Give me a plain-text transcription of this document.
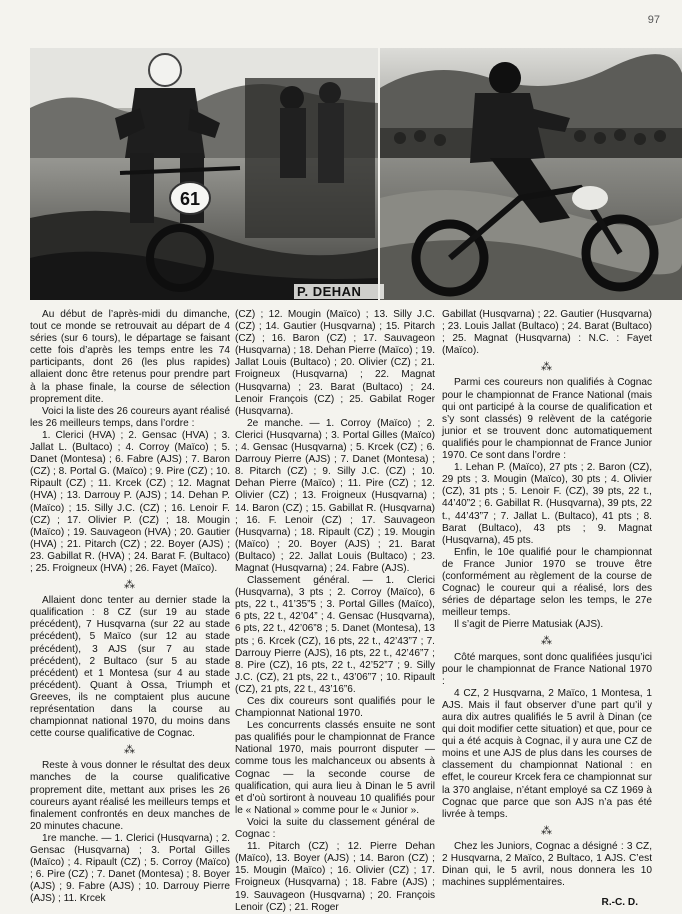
97
61
P. DEHAN

Au début de l’après-midi du dimanche, tout ce monde se retrouvait au départ de 4 séries (sur 6 tours), le départage se faisant cette fois d’après les temps entre les 74 participants, dont 26 (les plus rapides) allaient donc être retenus pour prendre part à la phase finale, la course de sélection proprement dite.

Voici la liste des 26 coureurs ayant réalisé les 26 meilleurs temps, dans l’ordre :

1. Clerici (HVA) ; 2. Gensac (HVA) ; 3. Jallat L. (Bultaco) ; 4. Corroy (Maïco) ; 5. Danet (Montesa) ; 6. Fabre (AJS) ; 7. Baron (CZ) ; 8. Portal G. (Maïco) ; 9. Pire (CZ) ; 10. Ripault (CZ) ; 11. Krcek (CZ) ; 12. Magnat (HVA) ; 13. Darrouy P. (AJS) ; 14. Dehan P. (Maïco) ; 15. Silly J.C. (CZ) ; 16. Lenoir F. (CZ) ; 17. Olivier P. (CZ) ; 18. Mougin (Maïco) ; 19. Sauvageon (HVA) ; 20. Gautier (HVA) ; 21. Pitarch (CZ) ; 22. Boyer (AJS) ; 23. Gabillat R. (HVA) ; 24. Barat F. (Bultaco) ; 25. Froigneux (HVA) ; 26. Fayet (Maïco).

⁂

Allaient donc tenter au dernier stade la qualification : 8 CZ (sur 19 au stade précédent), 7 Husqvarna (sur 22 au stade précédent), 5 Maïco (sur 12 au stade précédent), 3 AJS (sur 7 au stade précédent), 2 Bultaco (sur 5 au stade précédent) et 1 Montesa (sur 4 au stade précédent). Quant à Ossa, Triumph et Greeves, ils ne comptaient plus aucune représentation dans la course au championnat national 1970, du moins dans cette course qualificative de Cognac.

⁂

Reste à vous donner le résultat des deux manches de la course qualificative proprement dite, mettant aux prises les 26 coureurs ayant réalisé les meilleurs temps et finalement confrontés en deux manches de 20 minutes chacune.

1re manche. — 1. Clerici (Husqvarna) ; 2. Gensac (Husqvarna) ; 3. Portal Gilles (Maïco) ; 4. Ripault (CZ) ; 5. Corroy (Maïco) ; 6. Pire (CZ) ; 7. Danet (Montesa) ; 8. Boyer (AJS) ; 9. Fabre (AJS) ; 10. Darrouy Pierre (AJS) ; 11. Krcek

(CZ) ; 12. Mougin (Maïco) ; 13. Silly J.C. (CZ) ; 14. Gautier (Husqvarna) ; 15. Pitarch (CZ) ; 16. Baron (CZ) ; 17. Sauvageon (Husqvarna) ; 18. Dehan Pierre (Maïco) ; 19. Jallat Louis (Bultaco) ; 20. Olivier (CZ) ; 21. Froigneux (Husqvarna) ; 22. Magnat (Husqvarna) ; 23. Barat (Bultaco) ; 24. Lenoir François (CZ) ; 25. Gabilat Roger (Husqvarna).

2e manche. — 1. Corroy (Maïco) ; 2. Clerici (Husqvarna) ; 3. Portal Gilles (Maïco) ; 4. Gensac (Husqvarna) ; 5. Krcek (CZ) ; 6. Darrouy Pierre (AJS) ; 7. Danet (Montesa) ; 8. Pitarch (CZ) ; 9. Silly J.C. (CZ) ; 10. Dehan Pierre (Maïco) ; 11. Pire (CZ) ; 12. Olivier (CZ) ; 13. Froigneux (Husqvarna) ; 14. Baron (CZ) ; 15. Gabillat R. (Husqvarna) ; 16. F. Lenoir (CZ) ; 17. Sauvageon (Husqvarna) ; 18. Ripault (CZ) ; 19. Mougin (Maïco) ; 20. Boyer (AJS) ; 21. Barat (Bultaco) ; 22. Jallat Louis (Bultaco) ; 23. Magnat (Husqvarna) ; 24. Fabre (AJS).

Classement général. — 1. Clerici (Husqvarna), 3 pts ; 2. Corroy (Maïco), 6 pts, 22 t., 41’35”5 ; 3. Portal Gilles (Maïco), 6 pts, 22 t., 42’04” ; 4. Gensac (Husqvarna), 6 pts, 22 t., 42’06”8 ; 5. Danet (Montesa), 13 pts ; 6. Krcek (CZ), 16 pts, 22 t., 42’43”7 ; 7. Darrouy Pierre (AJS), 16 pts, 22 t., 42’46”7 ; 8. Pire (CZ), 16 pts, 22 t., 42’52”7 ; 9. Silly J.C. (CZ), 21 pts, 22 t., 43’06”7 ; 10. Ripault (CZ), 21 pts, 22 t., 43’16”6.

Ces dix coureurs sont qualifiés pour le Championnat National 1970.

Les concurrents classés ensuite ne sont pas qualifiés pour le championnat de France National 1970, mais pourront disputer — comme tous les malchanceux ou absents à Cognac — la seconde course de qualification, qui aura lieu à Dinan le 5 avril et d’où sortiront à nouveau 10 qualifiés pour le « National » comme pour le « Junior ».

Voici la suite du classement général de Cognac :

11. Pitarch (CZ) ; 12. Pierre Dehan (Maïco), 13. Boyer (AJS) ; 14. Baron (CZ) ; 15. Mougin (Maïco) ; 16. Olivier (CZ) ; 17. Froigneux (Husqvarna) ; 18. Fabre (AJS) ; 19. Sauvageon (Husqvarna) ; 20. François Lenoir (CZ) ; 21. Roger

Gabillat (Husqvarna) ; 22. Gautier (Husqvarna) ; 23. Louis Jallat (Bultaco) ; 24. Barat (Bultaco) ; 25. Magnat (Husqvarna) : N.C. : Fayet (Maïco).

⁂

Parmi ces coureurs non qualifiés à Cognac pour le championnat de France National (mais qui ont participé à la course de qualification et s’y sont classés) 9 relèvent de la catégorie junior et se trouvent donc automatiquement qualifiés pour le championnat de France Junior 1970. Ce sont dans l’ordre :

1. Lehan P. (Maïco), 27 pts ; 2. Baron (CZ), 29 pts ; 3. Mougin (Maïco), 30 pts ; 4. Olivier (CZ), 31 pts ; 5. Lenoir F. (CZ), 39 pts, 22 t., 44’40”2 ; 6. Gabillat R. (Husqvarna), 39 pts, 22 t., 44’43”7 ; 7. Jallat L. (Bultaco), 41 pts ; 8. Barat (Bultaco), 43 pts ; 9. Magnat (Husqvarna), 45 pts.

Enfin, le 10e qualifié pour le championnat de France Junior 1970 se trouve être (conformément au règlement de la course de Cognac) le coureur qui a réalisé, lors des séries de départage selon les temps, le 27e meilleur temps.

Il s’agit de Pierre Matusiak (AJS).

⁂

Côté marques, sont donc qualifiées jusqu’ici pour le championnat de France National 1970 :

4 CZ, 2 Husqvarna, 2 Maïco, 1 Montesa, 1 AJS. Mais il faut observer d’une part qu’il y aura dix autres qualifiés le 5 avril à Dinan (ce qui doit modifier cette situation) et que, pour ce qui a été acquis à Cognac, il y aura une CZ de moins et une AJS de plus dans les courses de classement du championnat National : en effet, le coureur Krcek fera ce championnat sur la 370 anglaise, n’étant employé sa CZ 1969 à Cognac que parce que son AJS n’a pas été livrée à temps.

⁂

Chez les Juniors, Cognac a désigné : 3 CZ, 2 Husqvarna, 2 Maïco, 2 Bultaco, 1 AJS. C’est Dinan qui, le 5 avril, nous donnera les 10 machines supplémentaires.

R.-C. D.
